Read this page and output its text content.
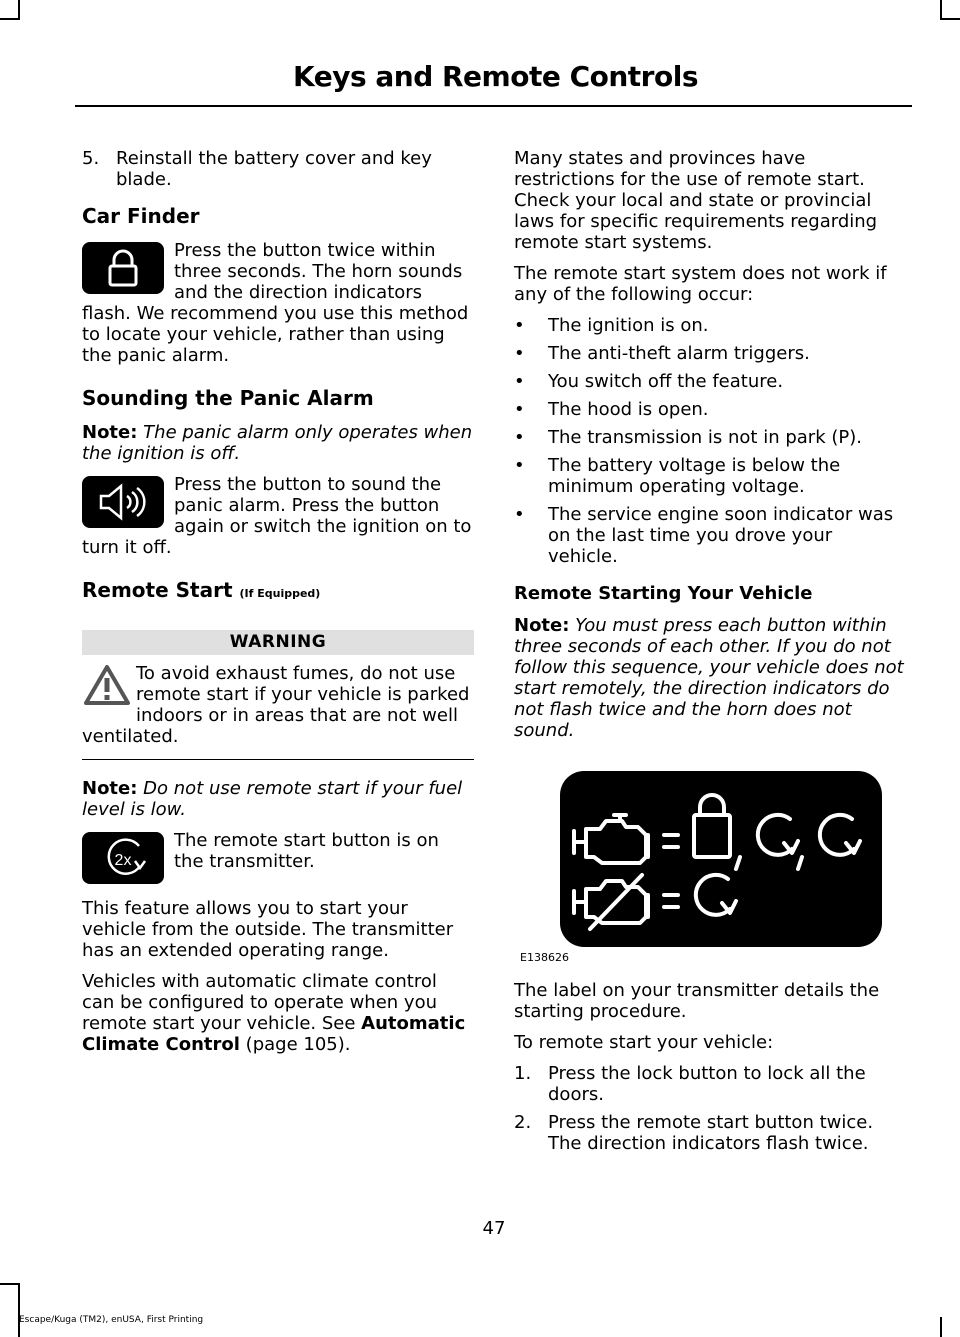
Keys and Remote Controls
5. Reinstall the battery cover and key blade.
Car Finder

Press the button twice within three seconds. The horn sounds and the direction indicators flash. We recommend you use this method to locate your vehicle, rather than using the panic alarm.

Sounding the Panic Alarm

Note: The panic alarm only operates when the ignition is off.

Press the button to sound the panic alarm. Press the button again or switch the ignition on to turn it off.

Remote Start (If Equipped)
WARNING

To avoid exhaust fumes, do not use remote start if your vehicle is parked indoors or in areas that are not well ventilated.

Note: Do not use remote start if your fuel level is low.

2x

The remote start button is on the transmitter.

This feature allows you to start your vehicle from the outside. The transmitter has an extended operating range.

Vehicles with automatic climate control can be configured to operate when you remote start your vehicle. See Automatic Climate Control (page 105).

Many states and provinces have restrictions for the use of remote start. Check your local and state or provincial laws for specific requirements regarding remote start systems.

The remote start system does not work if any of the following occur:

• The ignition is on.
• The anti-theft alarm triggers.
• You switch off the feature.
• The hood is open.
• The transmission is not in park (P).
• The battery voltage is below the minimum operating voltage.
• The service engine soon indicator was on the last time you drove your vehicle.
Remote Starting Your Vehicle

Note: You must press each button within three seconds of each other. If you do not follow this sequence, your vehicle does not start remotely, the direction indicators do not flash twice and the horn does not sound.

E138626

The label on your transmitter details the starting procedure.

To remote start your vehicle:

1. Press the lock button to lock all the doors.
2. Press the remote start button twice. The direction indicators flash twice.
47
Escape/Kuga (TM2), enUSA, First Printing
